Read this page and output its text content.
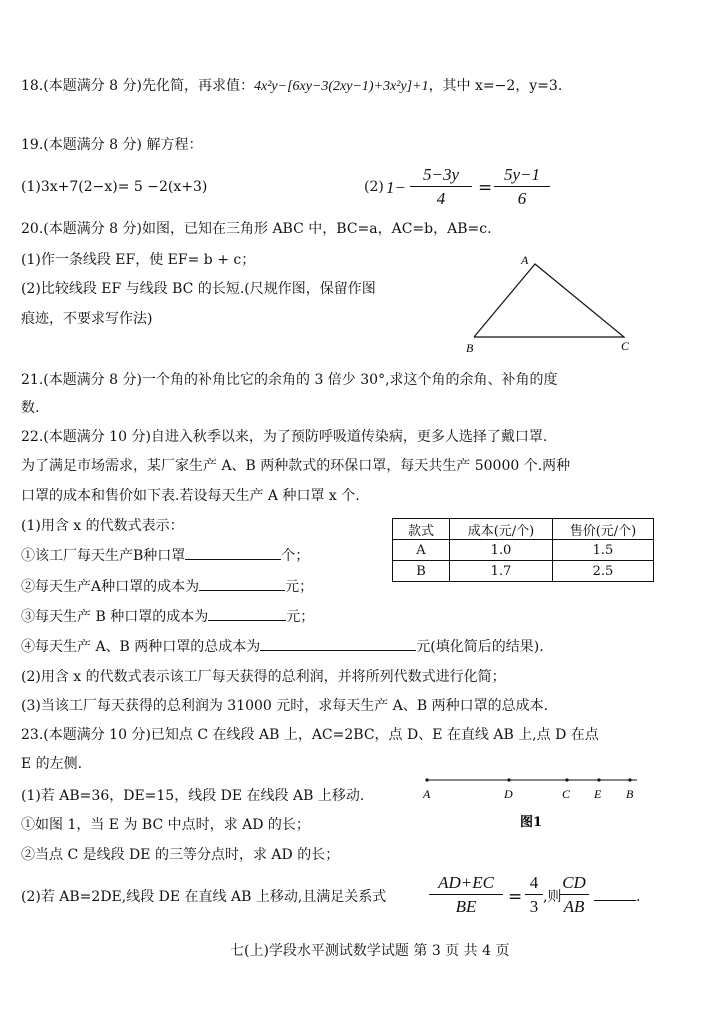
18.(本题满分 8 分)先化简，再求值：4x²y−[6xy−3(2xy−1)+3x²y]+1，其中 x=−2，y=3.
19.(本题满分 8 分) 解方程：
(1)3x+7(2−x)= 5 −2(x+3)	(2) 1−
5−3y
4
=
5y−1
6
20.(本题满分 8 分)如图，已知在三角形 ABC 中，BC=a，AC=b，AB=c.
(1)作一条线段 EF，使 EF= b + c；
(2)比较线段 EF 与线段 BC 的长短.(尺规作图，保留作图
痕迹，不要求写作法)
A
B	C
21.(本题满分 8 分)一个角的补角比它的余角的 3 倍少 30°,求这个角的余角、补角的度
数.
22.(本题满分 10 分)自进入秋季以来，为了预防呼吸道传染病，更多人选择了戴口罩.
为了满足市场需求，某厂家生产 A、B 两种款式的环保口罩，每天共生产 50000 个.两种
口罩的成本和售价如下表.若设每天生产 A 种口罩 x 个.
(1)用含 x 的代数式表示：	款式	成本(元/个)	售价(元/个)
A	1.0	1.5
B	1.7	2.5
①该工厂每天生产B种口罩	个；
②每天生产A种口罩的成本为	元；
③每天生产 B 种口罩的成本为	元；
④每天生产 A、B 两种口罩的总成本为	元(填化简后的结果).
(2)用含 x 的代数式表示该工厂每天获得的总利润，并将所列代数式进行化简；
(3)当该工厂每天获得的总利润为 31000 元时，求每天生产 A、B 两种口罩的总成本.
23.(本题满分 10 分)已知点 C 在线段 AB 上，AC=2BC，点 D、E 在直线 AB 上,点 D 在点
E 的左侧.
(1)若 AB=36，DE=15，线段 DE 在线段 AB 上移动.
①如图 1，当 E 为 BC 中点时，求 AD 的长；
②当点 C 是线段 DE 的三等分点时，求 AD 的长；
A	D	C E B
图1
(2)若 AB=2DE,线段 DE 在直线 AB 上移动,且满足关系式
AD+EC
BE	=
4
3 ,则
CD
AB	.
七(上)学段水平测试数学试题 第 3 页 共 4 页
